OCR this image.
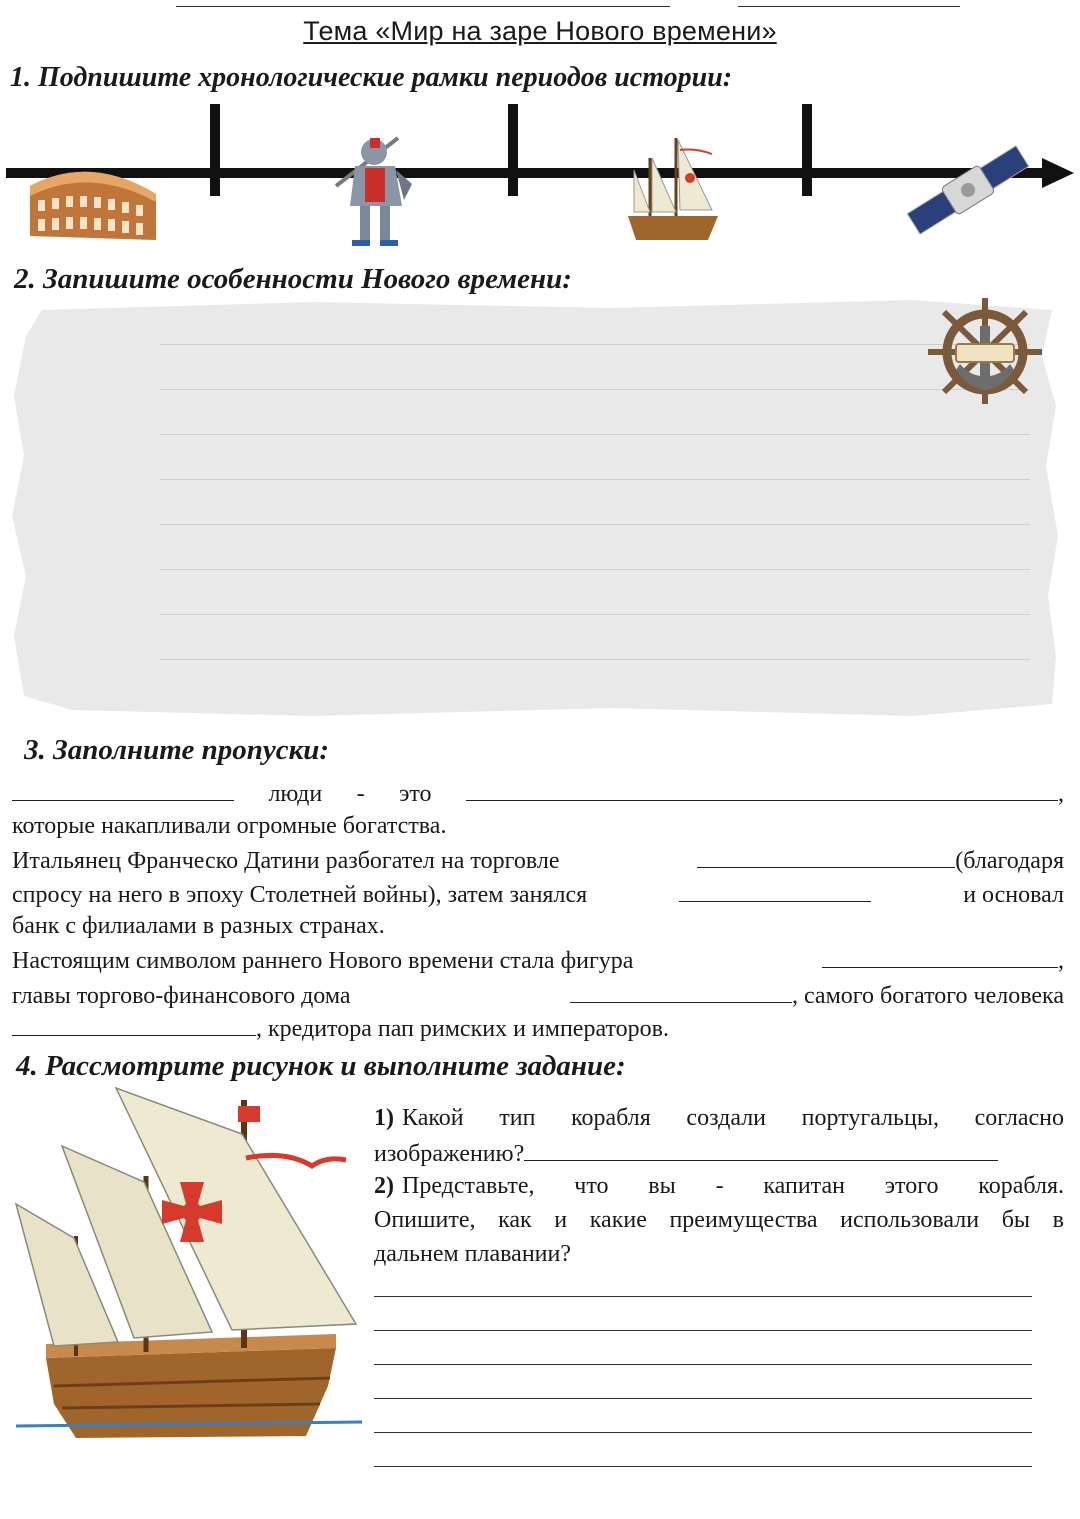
Тема «Мир на заре Нового времени»
1. Подпишите хронологические рамки периодов истории:
2. Запишите особенности Нового времени:
3. Заполните пропуски:
люди - это	,
которые накапливали огромные богатства.
Итальянец Франческо Датини разбогател на торговле	(благодаря
спросу на него в эпоху Столетней войны), затем занялся	и основал
банк с филиалами в разных странах.
Настоящим символом раннего Нового времени стала фигура	,
главы торгово-финансового дома	, самого богатого человека
, кредитора пап римских и императоров.
4. Рассмотрите рисунок и выполните задание:
1) Какой тип корабля создали португальцы, согласно
изображению?
2) Представьте, что вы - капитан этого корабля.
Опишите, как и какие преимущества использовали бы в
дальнем плавании?
